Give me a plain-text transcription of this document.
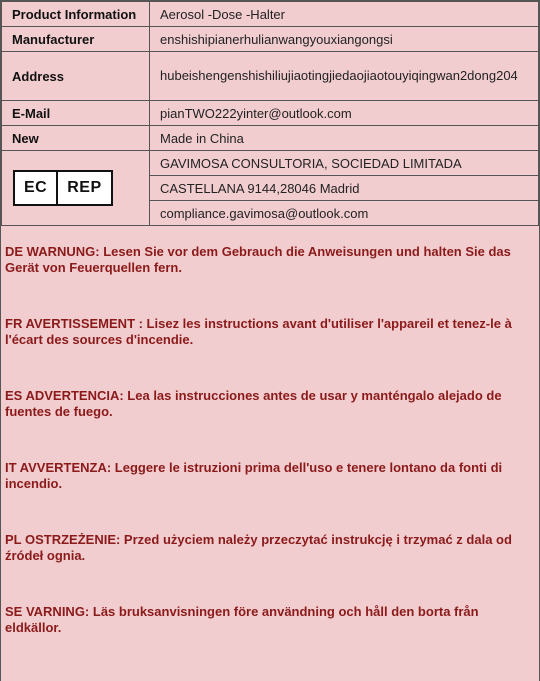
Product Information	Aerosol -Dose -Halter
Manufacturer	enshishipianerhulianwangyouxiangongsi
Address	hubeishengenshishiliujiaotingjiedaojiaotouyiqingwan2dong204
E-Mail	pianTWO222yinter@outlook.com
New	Made in China

EC REP	GAVIMOSA CONSULTORIA, SOCIEDAD LIMITADA
	CASTELLANA 9144,28046 Madrid
	compliance.gavimosa@outlook.com

DE WARNUNG: Lesen Sie vor dem Gebrauch die Anweisungen und halten Sie das Gerät von Feuerquellen fern.

FR AVERTISSEMENT : Lisez les instructions avant d'utiliser l'appareil et tenez-le à l'écart des sources d'incendie.

ES ADVERTENCIA: Lea las instrucciones antes de usar y manténgalo alejado de fuentes de fuego.

IT AVVERTENZA: Leggere le istruzioni prima dell'uso e tenere lontano da fonti di incendio.

PL OSTRZEŻENIE: Przed użyciem należy przeczytać instrukcję i trzymać z dala od źródeł ognia.

SE VARNING: Läs bruksanvisningen före användning och håll den borta från eldkällor.
